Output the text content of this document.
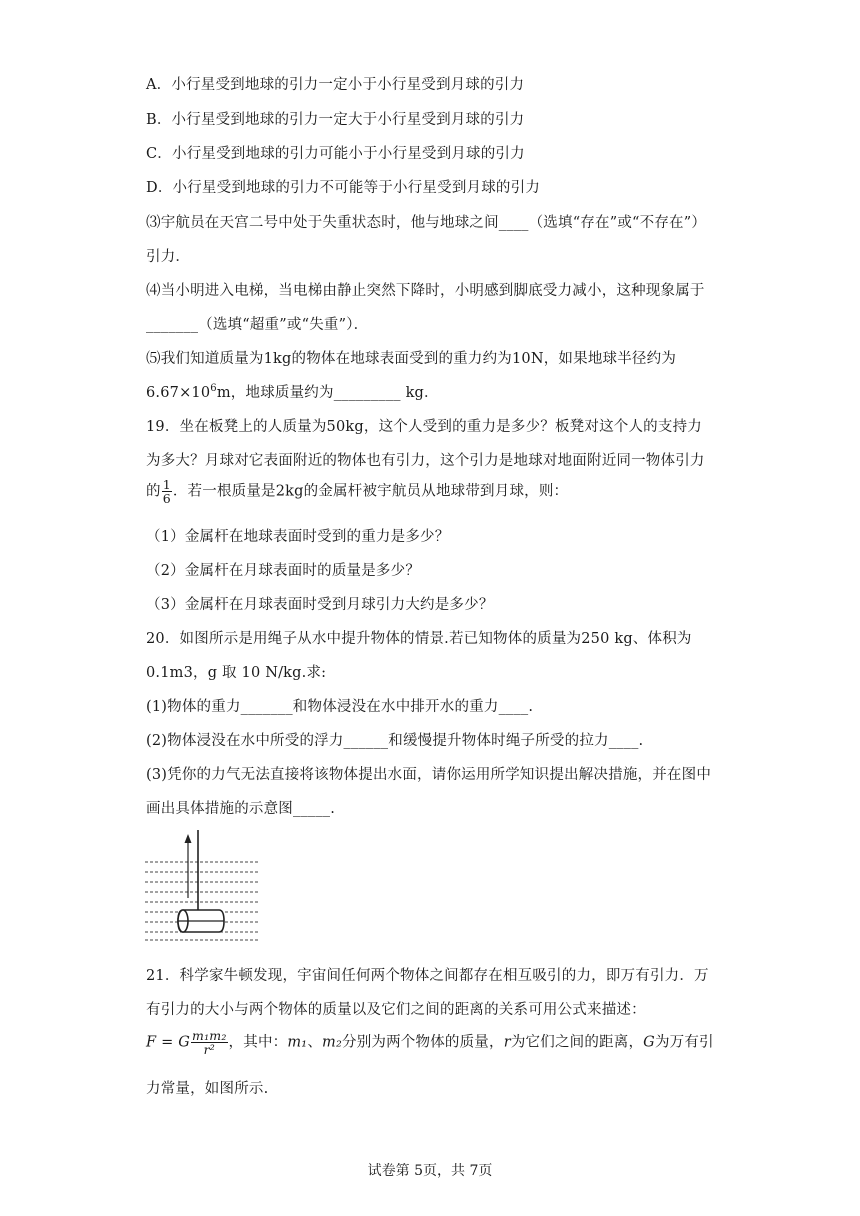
A．小行星受到地球的引力一定小于小行星受到月球的引力
B．小行星受到地球的引力一定大于小行星受到月球的引力
C．小行星受到地球的引力可能小于小行星受到月球的引力
D．小行星受到地球的引力不可能等于小行星受到月球的引力
⑶宇航员在天宫二号中处于失重状态时，他与地球之间____（选填“存在”或“不存在”）
引力．
⑷当小明进入电梯，当电梯由静止突然下降时，小明感到脚底受力减小，这种现象属于
_______（选填“超重”或“失重”）．
⑸我们知道质量为1kg的物体在地球表面受到的重力约为10N，如果地球半径约为
$6.67\times 10^6m$，地球质量约为_________ kg．
19．坐在板凳上的人质量为50kg，这个人受到的重力是多少？板凳对这个人的支持力
为多大？月球对它表面附近的物体也有引力，这个引力是地球对地面附近同一物体引力
的 $\frac{1}{6}$ ．若一根质量是2kg的金属杆被宇航员从地球带到月球，则：
（1）金属杆在地球表面时受到的重力是多少？
（2）金属杆在月球表面时的质量是多少？
（3）金属杆在月球表面时受到月球引力大约是多少？
20．如图所示是用绳子从水中提升物体的情景.若已知物体的质量为250 kg、体积为
0.1m3，g 取 10 N/kg.求:
(1)物体的重力_______和物体浸没在水中排开水的重力____.
(2)物体浸没在水中所受的浮力______和缓慢提升物体时绳子所受的拉力____.
(3)凭你的力气无法直接将该物体提出水面，请你运用所学知识提出解决措施，并在图中
画出具体措施的示意图_____.
21．科学家牛顿发现，宇宙间任何两个物体之间都存在相互吸引的力，即万有引力．万
有引力的大小与两个物体的质量以及它们之间的距离的关系可用公式来描述：
F = G $\frac{\text{m₁m₂}}{\text{r²}}$ ，其中：m₁、m₂分别为两个物体的质量，r为它们之间的距离，G为万有引
力常量，如图所示.
试卷第 5页，共 7页
